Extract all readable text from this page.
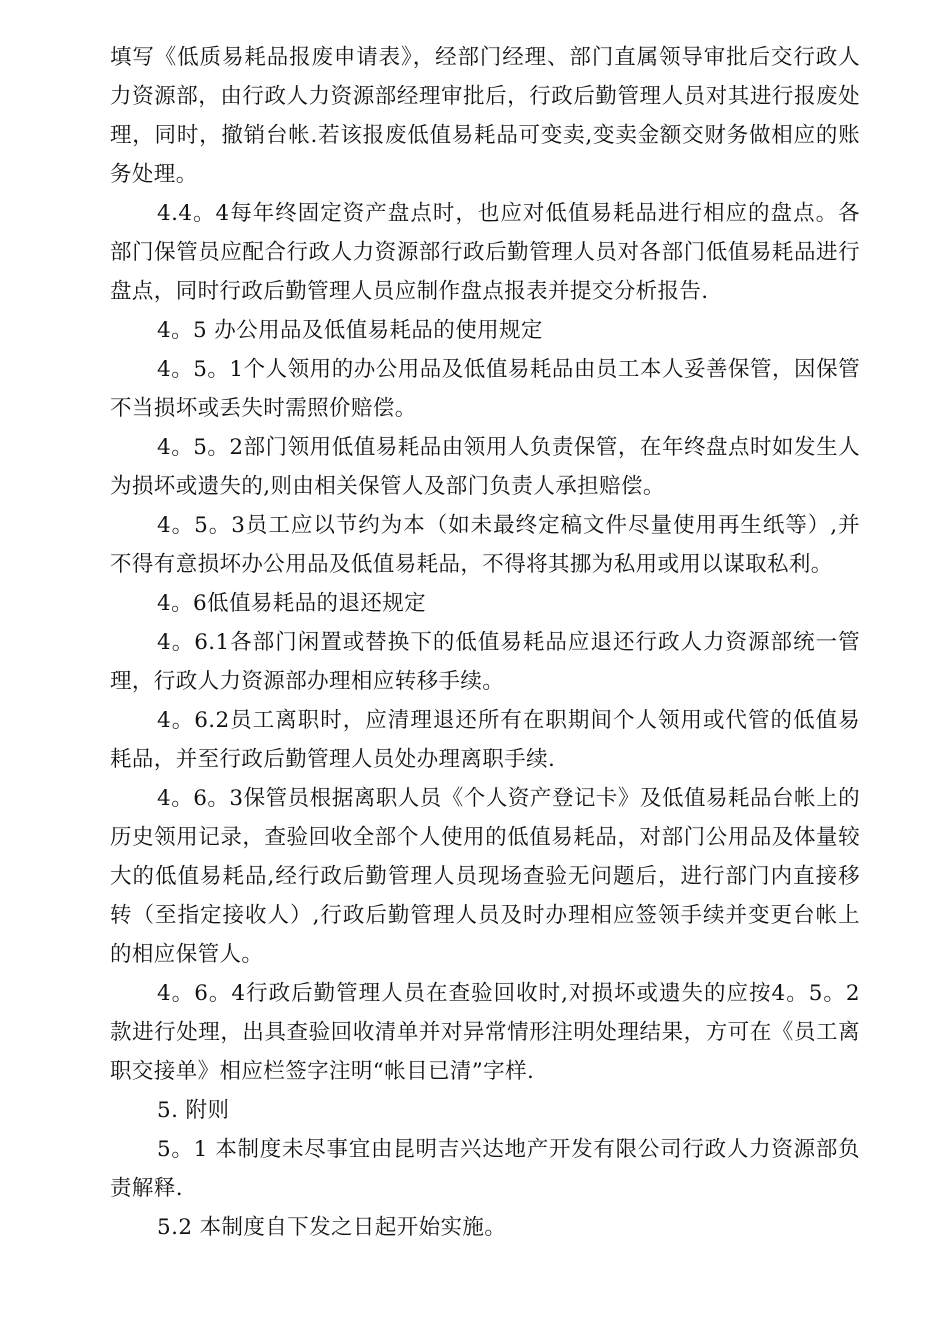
填写《低质易耗品报废申请表》，经部门经理、部门直属领导审批后交行政人力资源部，由行政人力资源部经理审批后，行政后勤管理人员对其进行报废处理，同时，撤销台帐.若该报废低值易耗品可变卖,变卖金额交财务做相应的账务处理。

4.4。4每年终固定资产盘点时，也应对低值易耗品进行相应的盘点。各部门保管员应配合行政人力资源部行政后勤管理人员对各部门低值易耗品进行盘点，同时行政后勤管理人员应制作盘点报表并提交分析报告.

4。5 办公用品及低值易耗品的使用规定

4。5。1个人领用的办公用品及低值易耗品由员工本人妥善保管，因保管不当损坏或丢失时需照价赔偿。

4。5。2部门领用低值易耗品由领用人负责保管，在年终盘点时如发生人为损坏或遗失的,则由相关保管人及部门负责人承担赔偿。

4。5。3员工应以节约为本（如未最终定稿文件尽量使用再生纸等）,并不得有意损坏办公用品及低值易耗品，不得将其挪为私用或用以谋取私利。

4。6低值易耗品的退还规定

4。6.1各部门闲置或替换下的低值易耗品应退还行政人力资源部统一管理，行政人力资源部办理相应转移手续。

4。6.2员工离职时，应清理退还所有在职期间个人领用或代管的低值易耗品，并至行政后勤管理人员处办理离职手续.

4。6。3保管员根据离职人员《个人资产登记卡》及低值易耗品台帐上的历史领用记录，查验回收全部个人使用的低值易耗品，对部门公用品及体量较大的低值易耗品,经行政后勤管理人员现场查验无问题后，进行部门内直接移转（至指定接收人）,行政后勤管理人员及时办理相应签领手续并变更台帐上的相应保管人。

4。6。4行政后勤管理人员在查验回收时,对损坏或遗失的应按4。5。2款进行处理，出具查验回收清单并对异常情形注明处理结果，方可在《员工离职交接单》相应栏签字注明“帐目已清”字样.

5. 附则

5。1 本制度未尽事宜由昆明吉兴达地产开发有限公司行政人力资源部负责解释.

5.2 本制度自下发之日起开始实施。
